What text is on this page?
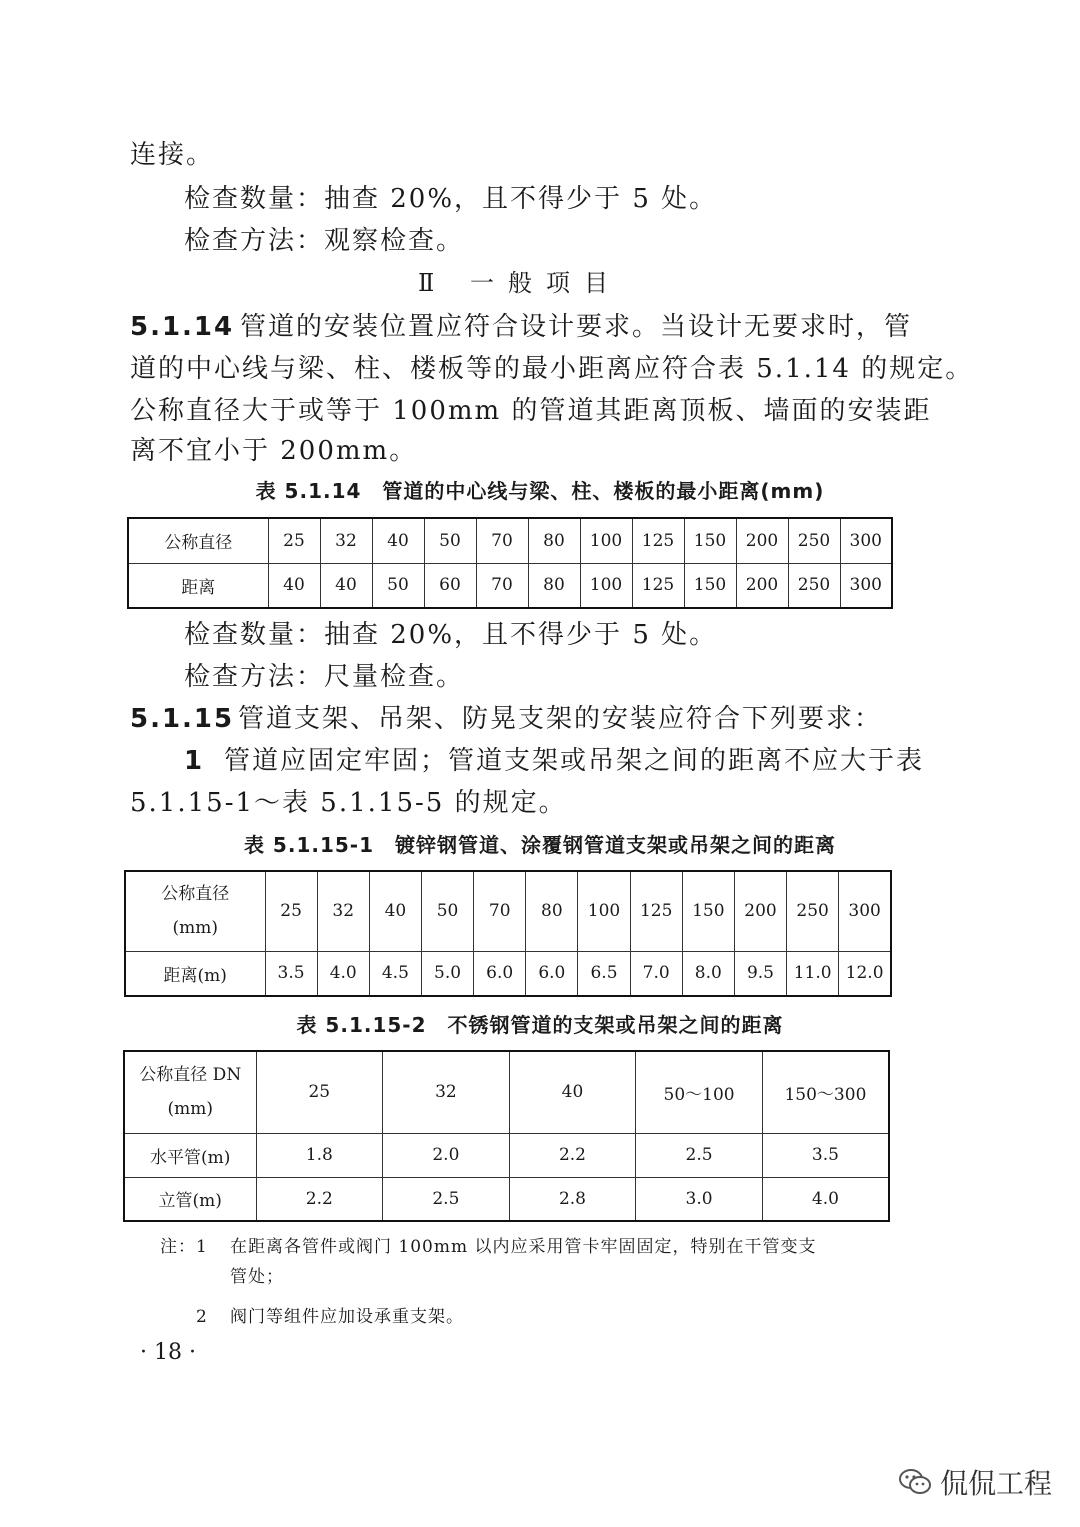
连接。
检查数量：抽查 20%，且不得少于 5 处。
检查方法：观察检查。
Ⅱ 一般项目
5.1.14 管道的安装位置应符合设计要求。当设计无要求时，管
道的中心线与梁、柱、楼板等的最小距离应符合表 5.1.14 的规定。
公称直径大于或等于 100mm 的管道其距离顶板、墙面的安装距
离不宜小于 200mm。
表 5.1.14　管道的中心线与梁、柱、楼板的最小距离(mm)
公称直径	25	32	40	50	70	80	100	125	150	200	250	300
距离	40	40	50	60	70	80	100	125	150	200	250	300
检查数量：抽查 20%，且不得少于 5 处。
检查方法：尺量检查。
5.1.15 管道支架、吊架、防晃支架的安装应符合下列要求：
1 管道应固定牢固；管道支架或吊架之间的距离不应大于表
5.1.15-1～表 5.1.15-5 的规定。
表 5.1.15-1　镀锌钢管道、涂覆钢管道支架或吊架之间的距离
公称直径
(mm)	25	32	40	50	70	80	100	125	150	200	250	300
距离(m)	3.5	4.0	4.5	5.0	6.0	6.0	6.5	7.0	8.0	9.5	11.0	12.0
表 5.1.15-2　不锈钢管道的支架或吊架之间的距离
公称直径 DN
(mm)	25	32	40	50～100	150～300
水平管(m)	1.8	2.0	2.2	2.5	3.5
立管(m)	2.2	2.5	2.8	3.0	4.0
注：1 在距离各管件或阀门 100mm 以内应采用管卡牢固固定，特别在干管变支
管处；
2 阀门等组件应加设承重支架。
· 18 ·
侃侃工程
